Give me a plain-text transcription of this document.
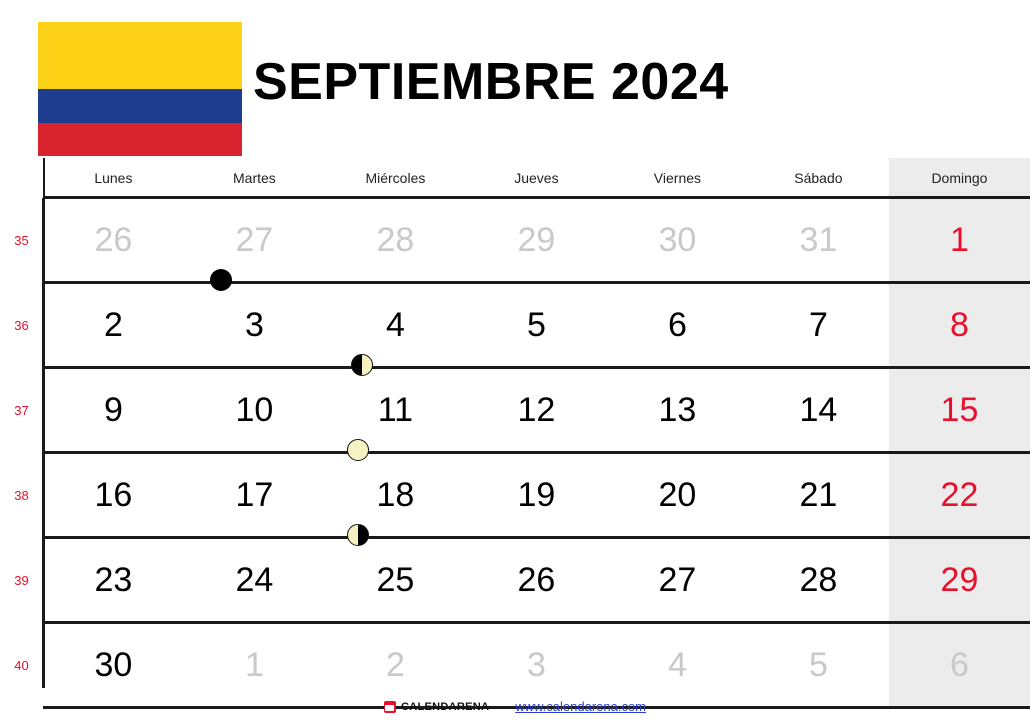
SEPTIEMBRE 2024
	Lunes	Martes	Miércoles	Jueves	Viernes	Sábado	Domingo
35	26	27	28	29	30	31	1
36	2	3	4	5	6	7	8
37	9	10	11	12	13	14	15
38	16	17	18	19	20	21	22
39	23	24	25	26	27	28	29
40	30	1	2	3	4	5	6
CALENDARENA www.calendarena.com
